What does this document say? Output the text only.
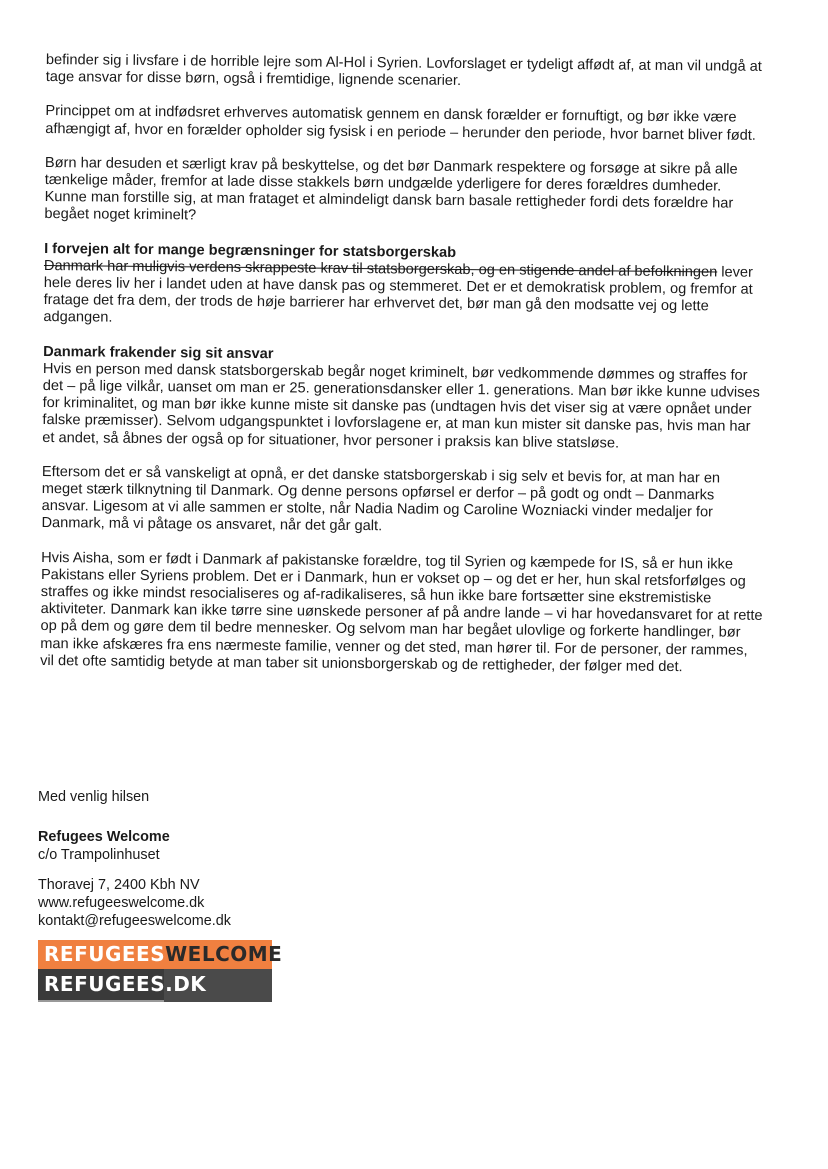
befinder sig i livsfare i de horrible lejre som Al-Hol i Syrien. Lovforslaget er tydeligt affødt af, at man vil undgå at tage ansvar for disse børn, også i fremtidige, lignende scenarier.

Princippet om at indfødsret erhverves automatisk gennem en dansk forælder er fornuftigt, og bør ikke være afhængigt af, hvor en forælder opholder sig fysisk i en periode – herunder den periode, hvor barnet bliver født.

Børn har desuden et særligt krav på beskyttelse, og det bør Danmark respektere og forsøge at sikre på alle tænkelige måder, fremfor at lade disse stakkels børn undgælde yderligere for deres forældres dumheder. Kunne man forstille sig, at man frataget et almindeligt dansk barn basale rettigheder fordi dets forældre har begået noget kriminelt?

I forvejen alt for mange begrænsninger for statsborgerskab

Danmark har muligvis verdens skrappeste krav til statsborgerskab, og en stigende andel af befolkningen lever hele deres liv her i landet uden at have dansk pas og stemmeret. Det er et demokratisk problem, og fremfor at fratage det fra dem, der trods de høje barrierer har erhvervet det, bør man gå den modsatte vej og lette adgangen.

Danmark frakender sig sit ansvar

Hvis en person med dansk statsborgerskab begår noget kriminelt, bør vedkommende dømmes og straffes for det – på lige vilkår, uanset om man er 25. generationsdansker eller 1. generations. Man bør ikke kunne udvises for kriminalitet, og man bør ikke kunne miste sit danske pas (undtagen hvis det viser sig at være opnået under falske præmisser). Selvom udgangspunktet i lovforslagene er, at man kun mister sit danske pas, hvis man har et andet, så åbnes der også op for situationer, hvor personer i praksis kan blive statsløse.

Eftersom det er så vanskeligt at opnå, er det danske statsborgerskab i sig selv et bevis for, at man har en meget stærk tilknytning til Danmark. Og denne persons opførsel er derfor – på godt og ondt – Danmarks ansvar. Ligesom at vi alle sammen er stolte, når Nadia Nadim og Caroline Wozniacki vinder medaljer for Danmark, må vi påtage os ansvaret, når det går galt.

Hvis Aisha, som er født i Danmark af pakistanske forældre, tog til Syrien og kæmpede for IS, så er hun ikke Pakistans eller Syriens problem. Det er i Danmark, hun er vokset op – og det er her, hun skal retsforfølges og straffes og ikke mindst resocialiseres og af-radikaliseres, så hun ikke bare fortsætter sine ekstremistiske aktiviteter. Danmark kan ikke tørre sine uønskede personer af på andre lande – vi har hovedansvaret for at rette op på dem og gøre dem til bedre mennesker. Og selvom man har begået ulovlige og forkerte handlinger, bør man ikke afskæres fra ens nærmeste familie, venner og det sted, man hører til. For de personer, der rammes, vil det ofte samtidig betyde at man taber sit unionsborgerskab og de rettigheder, der følger med det.

Med venlig hilsen

Refugees Welcome

c/o Trampolinhuset

Thoravej 7, 2400 Kbh NV

www.refugeeswelcome.dk

kontakt@refugeeswelcome.dk

REFUGEESWELCOME
REFUGEES.DK
